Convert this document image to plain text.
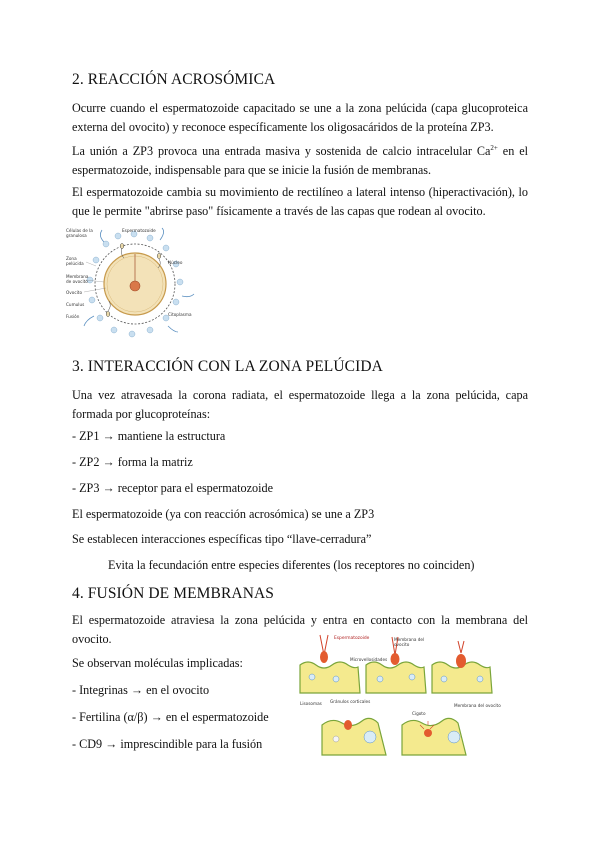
2. REACCIÓN ACROSÓMICA

Ocurre cuando el espermatozoide capacitado se une a la zona pelúcida (capa glucoproteica externa del ovocito) y reconoce específicamente los oligosacáridos de la proteína ZP3.

La unión a ZP3 provoca una entrada masiva y sostenida de calcio intracelular $Ca^{2+}$ en el espermatozoide, indispensable para que se inicie la fusión de membranas.

El espermatozoide cambia su movimiento de rectilíneo a lateral intenso (hiperactivación), lo que le permite "abrirse paso" físicamente a través de las capas que rodean al ovocito.

Células de la
granulosa
Zona
pelúcida
Membrana
de ovocito
Ovocito
Cumulus
Fusión
Espermatozoide
Núcleo
Citoplasma
3. INTERACCIÓN CON LA ZONA PELÚCIDA

Una vez atravesada la corona radiata, el espermatozoide llega a la zona pelúcida, capa formada por glucoproteínas:

- ZP1 → mantiene la estructura

- ZP2 → forma la matriz

- ZP3 → receptor para el espermatozoide

El espermatozoide (ya con reacción acrosómica) se une a ZP3

Se establecen interacciones específicas tipo “llave-cerradura”

Evita la fecundación entre especies diferentes (los receptores no coinciden)

4. FUSIÓN DE MEMBRANAS

El espermatozoide atraviesa la zona pelúcida y entra en contacto con la membrana del ovocito.

Se observan moléculas implicadas:

- Integrinas → en el ovocito

- Fertilina (α/β) → en el espermatozoide

- CD9 → imprescindible para la fusión

Espermatozoide	Membrana del
ovocito
Microvellosidades
Lisosomas Gránulos corticales
Membrana del ovocito
Cigoto
